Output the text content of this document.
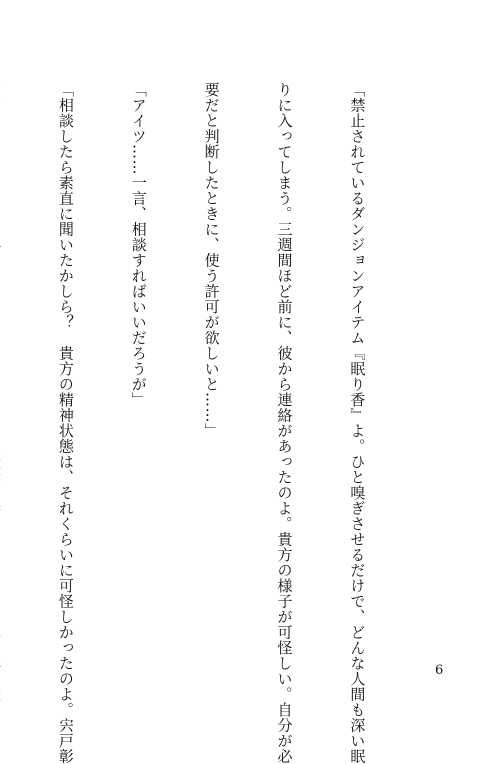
「禁止されているダンジョンアイテム『眠り香』よ。ひと嗅ぎさせるだけで、どんな人間も深い眠

りに入ってしまう。三週間ほど前に、彼から連絡があったのよ。貴方の様子が可怪しい。自分が必

要だと判断したときに、使う許可が欲しいと……」

「アイツ……一言、相談すればいいだろうが」

「相談したら素直に聞いたかしら？　貴方の精神状態は、それくらいに可怪しかったのよ。宍戸彰

	6
